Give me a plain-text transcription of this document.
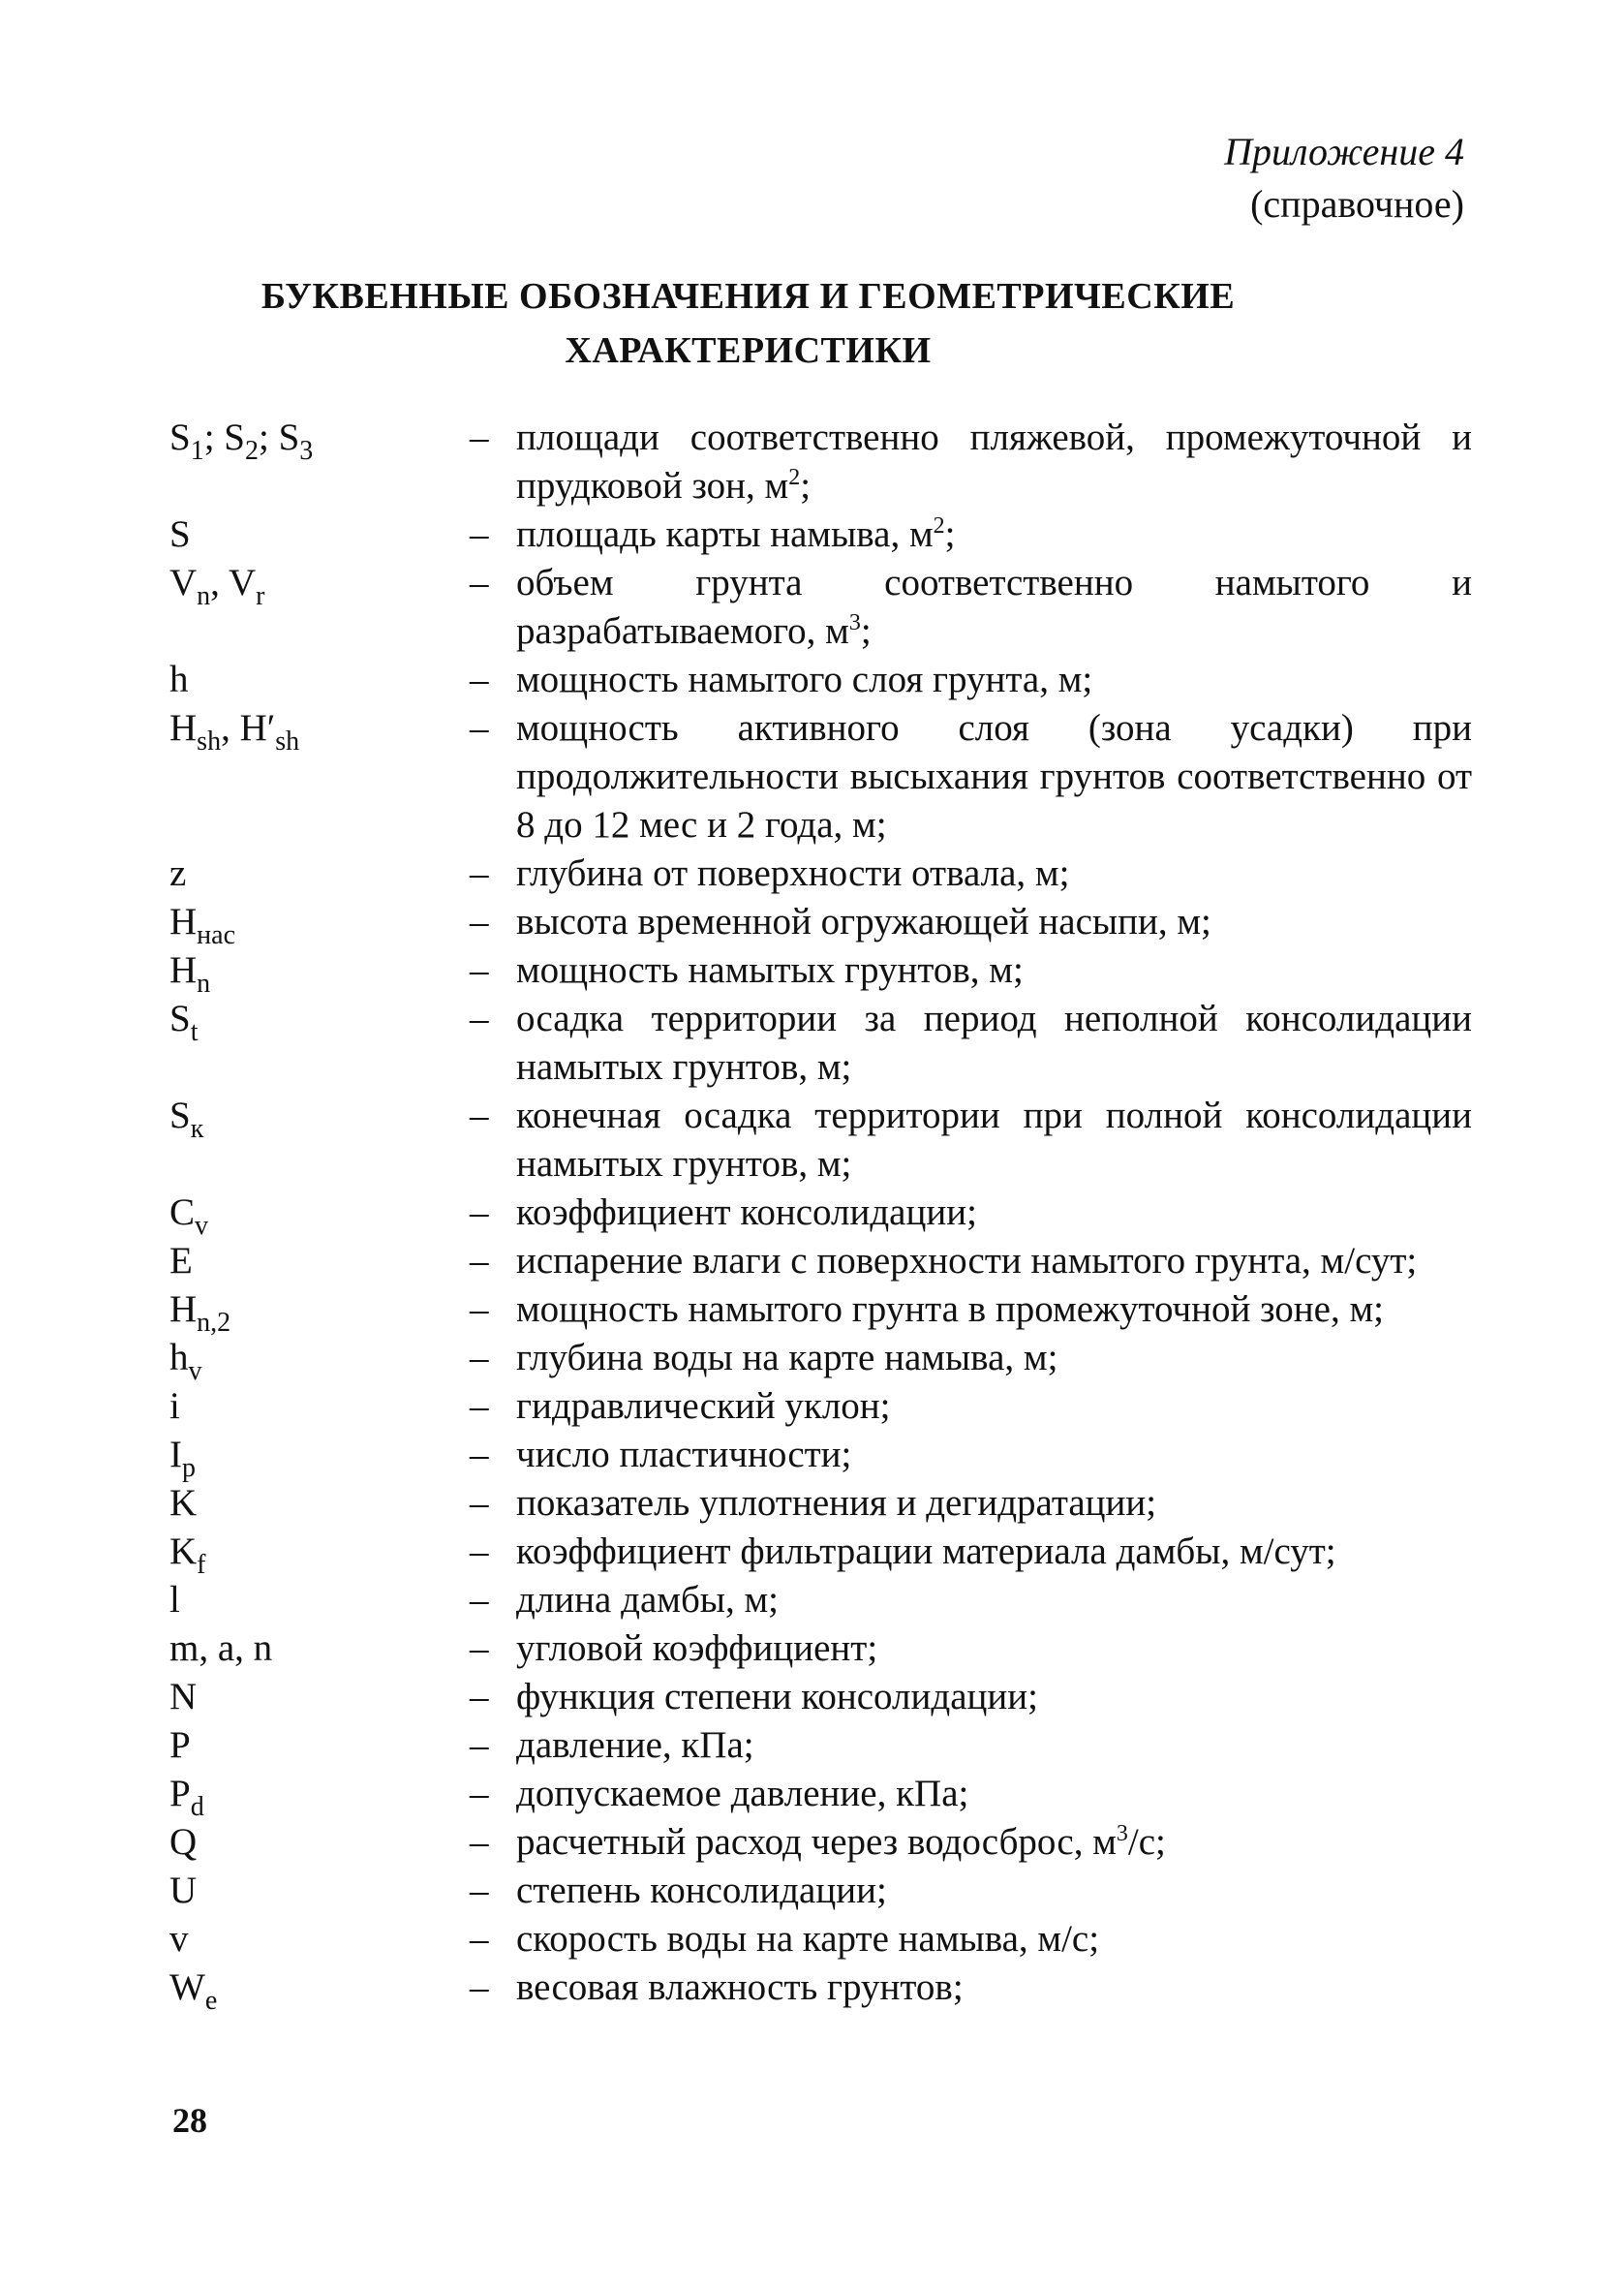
Приложение 4
(справочное)
БУКВЕННЫЕ ОБОЗНАЧЕНИЯ И ГЕОМЕТРИЧЕСКИЕ
ХАРАКТЕРИСТИКИ
$S_1$; $S_2$; $S_3$	– площади соответственно пляжевой, промежуточной и прудковой зон, $м^2$;
S	– площадь карты намыва, $м^2$;
$V_n$, $V_r$	– объем грунта соответственно намытого и разрабатываемого, $м^3$;
h	– мощность намытого слоя грунта, м;
$H_{sh}$, $H'_{sh}$	– мощность активного слоя (зона усадки) при продолжительности высыхания грунтов соответственно от 8 до 12 мес и 2 года, м;
z	– глубина от поверхности отвала, м;
$H_{нас}$	– высота временной огружающей насыпи, м;
$H_n$	– мощность намытых грунтов, м;
$S_t$	– осадка территории за период неполной консолидации намытых грунтов, м;
$S_к$	– конечная осадка территории при полной консолидации намытых грунтов, м;
$C_v$	– коэффициент консолидации;
E	– испарение влаги с поверхности намытого грунта, м/сут;
$H_{n,2}$	– мощность намытого грунта в промежуточной зоне, м;
$h_v$	– глубина воды на карте намыва, м;
i	– гидравлический уклон;
$I_p$	– число пластичности;
K	– показатель уплотнения и дегидратации;
$K_f$	– коэффициент фильтрации материала дамбы, м/сут;
l	– длина дамбы, м;
m, a, n	– угловой коэффициент;
N	– функция степени консолидации;
P	– давление, кПа;
$P_d$	– допускаемое давление, кПа;
Q	– расчетный расход через водосброс, $м^3/с$;
U	– степень консолидации;
v	– скорость воды на карте намыва, м/с;
$W_e$	– весовая влажность грунтов;
28
